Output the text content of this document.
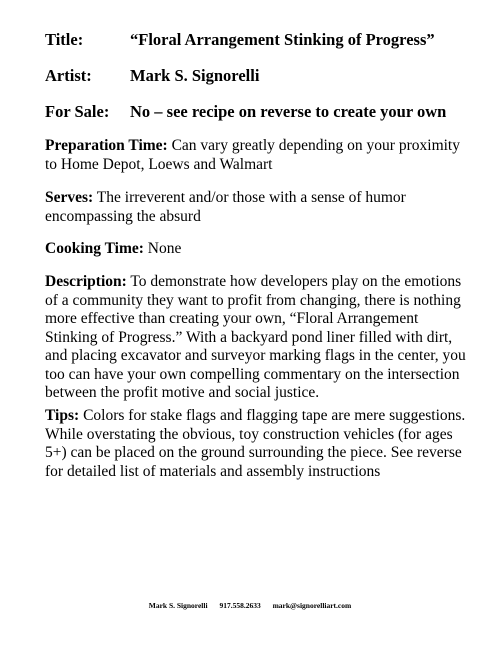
Title:	“Floral Arrangement Stinking of Progress”
Artist: Mark S. Signorelli
For Sale: No – see recipe on reverse to create your own
Preparation Time: Can vary greatly depending on your proximity to Home Depot, Loews and Walmart
Serves: The irreverent and/or those with a sense of humor encompassing the absurd
Cooking Time: None
Description: To demonstrate how developers play on the emotions of a community they want to profit from changing, there is nothing more effective than creating your own, “Floral Arrangement Stinking of Progress.” With a backyard pond liner filled with dirt, and placing excavator and surveyor marking flags in the center, you too can have your own compelling commentary on the intersection between the profit motive and social justice.
Tips: Colors for stake flags and flagging tape are mere suggestions. While overstating the obvious, toy construction vehicles (for ages 5+) can be placed on the ground surrounding the piece. See reverse for detailed list of materials and assembly instructions
Mark S. Signorelli 917.558.2633 mark@signorelliart.com
